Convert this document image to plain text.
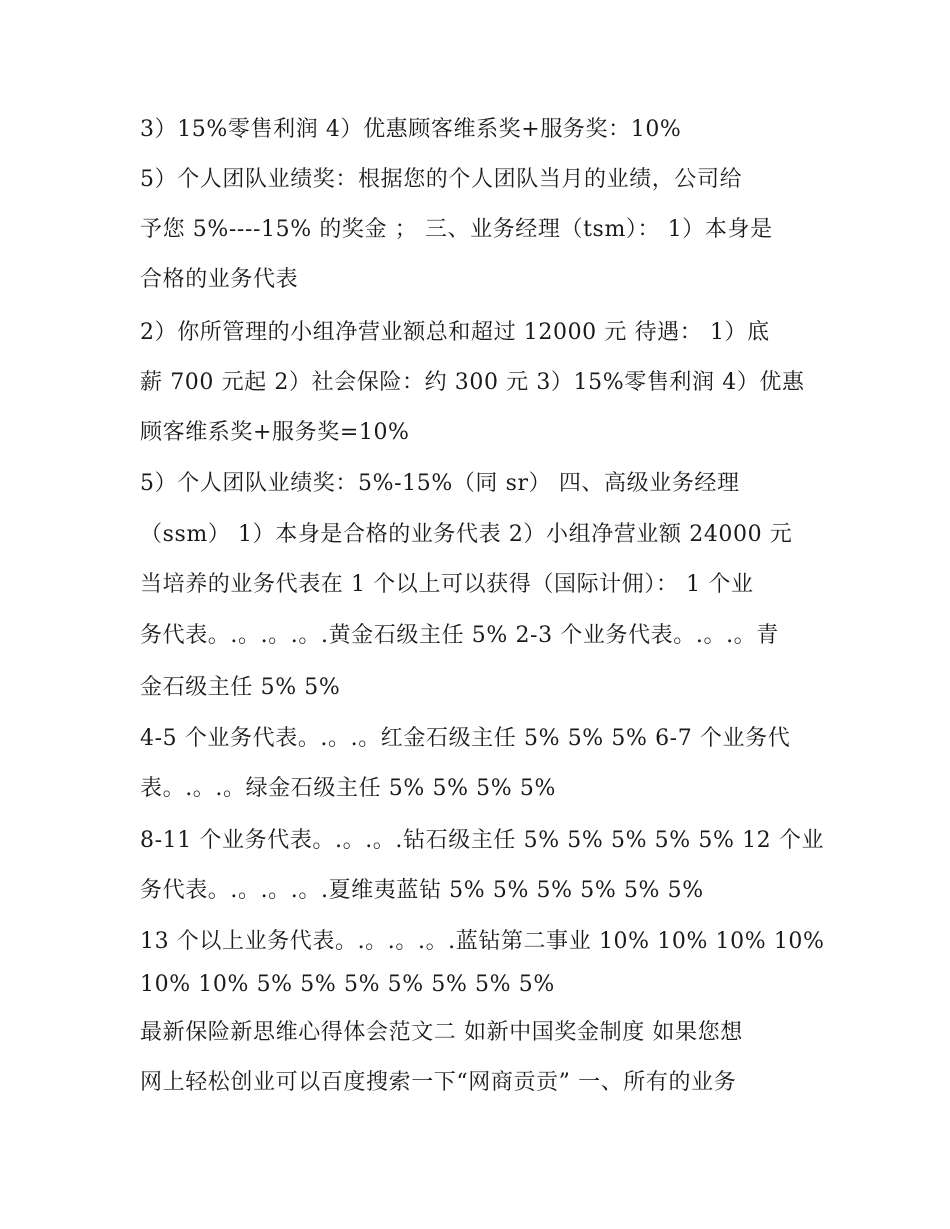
3）15%零售利润 4）优惠顾客维系奖+服务奖：10%
5）个人团队业绩奖：根据您的个人团队当月的业绩，公司给
予您 5%----15% 的奖金 ； 三、业务经理（tsm）： 1）本身是
合格的业务代表
2）你所管理的小组净营业额总和超过 12000 元 待遇： 1）底
薪 700 元起 2）社会保险：约 300 元 3）15%零售利润 4）优惠
顾客维系奖+服务奖=10%
5）个人团队业绩奖：5%-15%（同 sr） 四、高级业务经理
（ssm） 1）本身是合格的业务代表 2）小组净营业额 24000 元
当培养的业务代表在 1 个以上可以获得（国际计佣）： 1 个业
务代表。.。.。.。.黄金石级主任 5% 2-3 个业务代表。.。.。青
金石级主任 5% 5%
4-5 个业务代表。.。.。红金石级主任 5% 5% 5% 6-7 个业务代
表。.。.。绿金石级主任 5% 5% 5% 5%
8-11 个业务代表。.。.。.钻石级主任 5% 5% 5% 5% 5% 12 个业
务代表。.。.。.。.夏维夷蓝钻 5% 5% 5% 5% 5% 5%
13 个以上业务代表。.。.。.。.蓝钻第二事业 10% 10% 10% 10%
10% 10% 5% 5% 5% 5% 5% 5% 5%
最新保险新思维心得体会范文二 如新中国奖金制度 如果您想
网上轻松创业可以百度搜索一下“网商贡贡” 一、所有的业务
